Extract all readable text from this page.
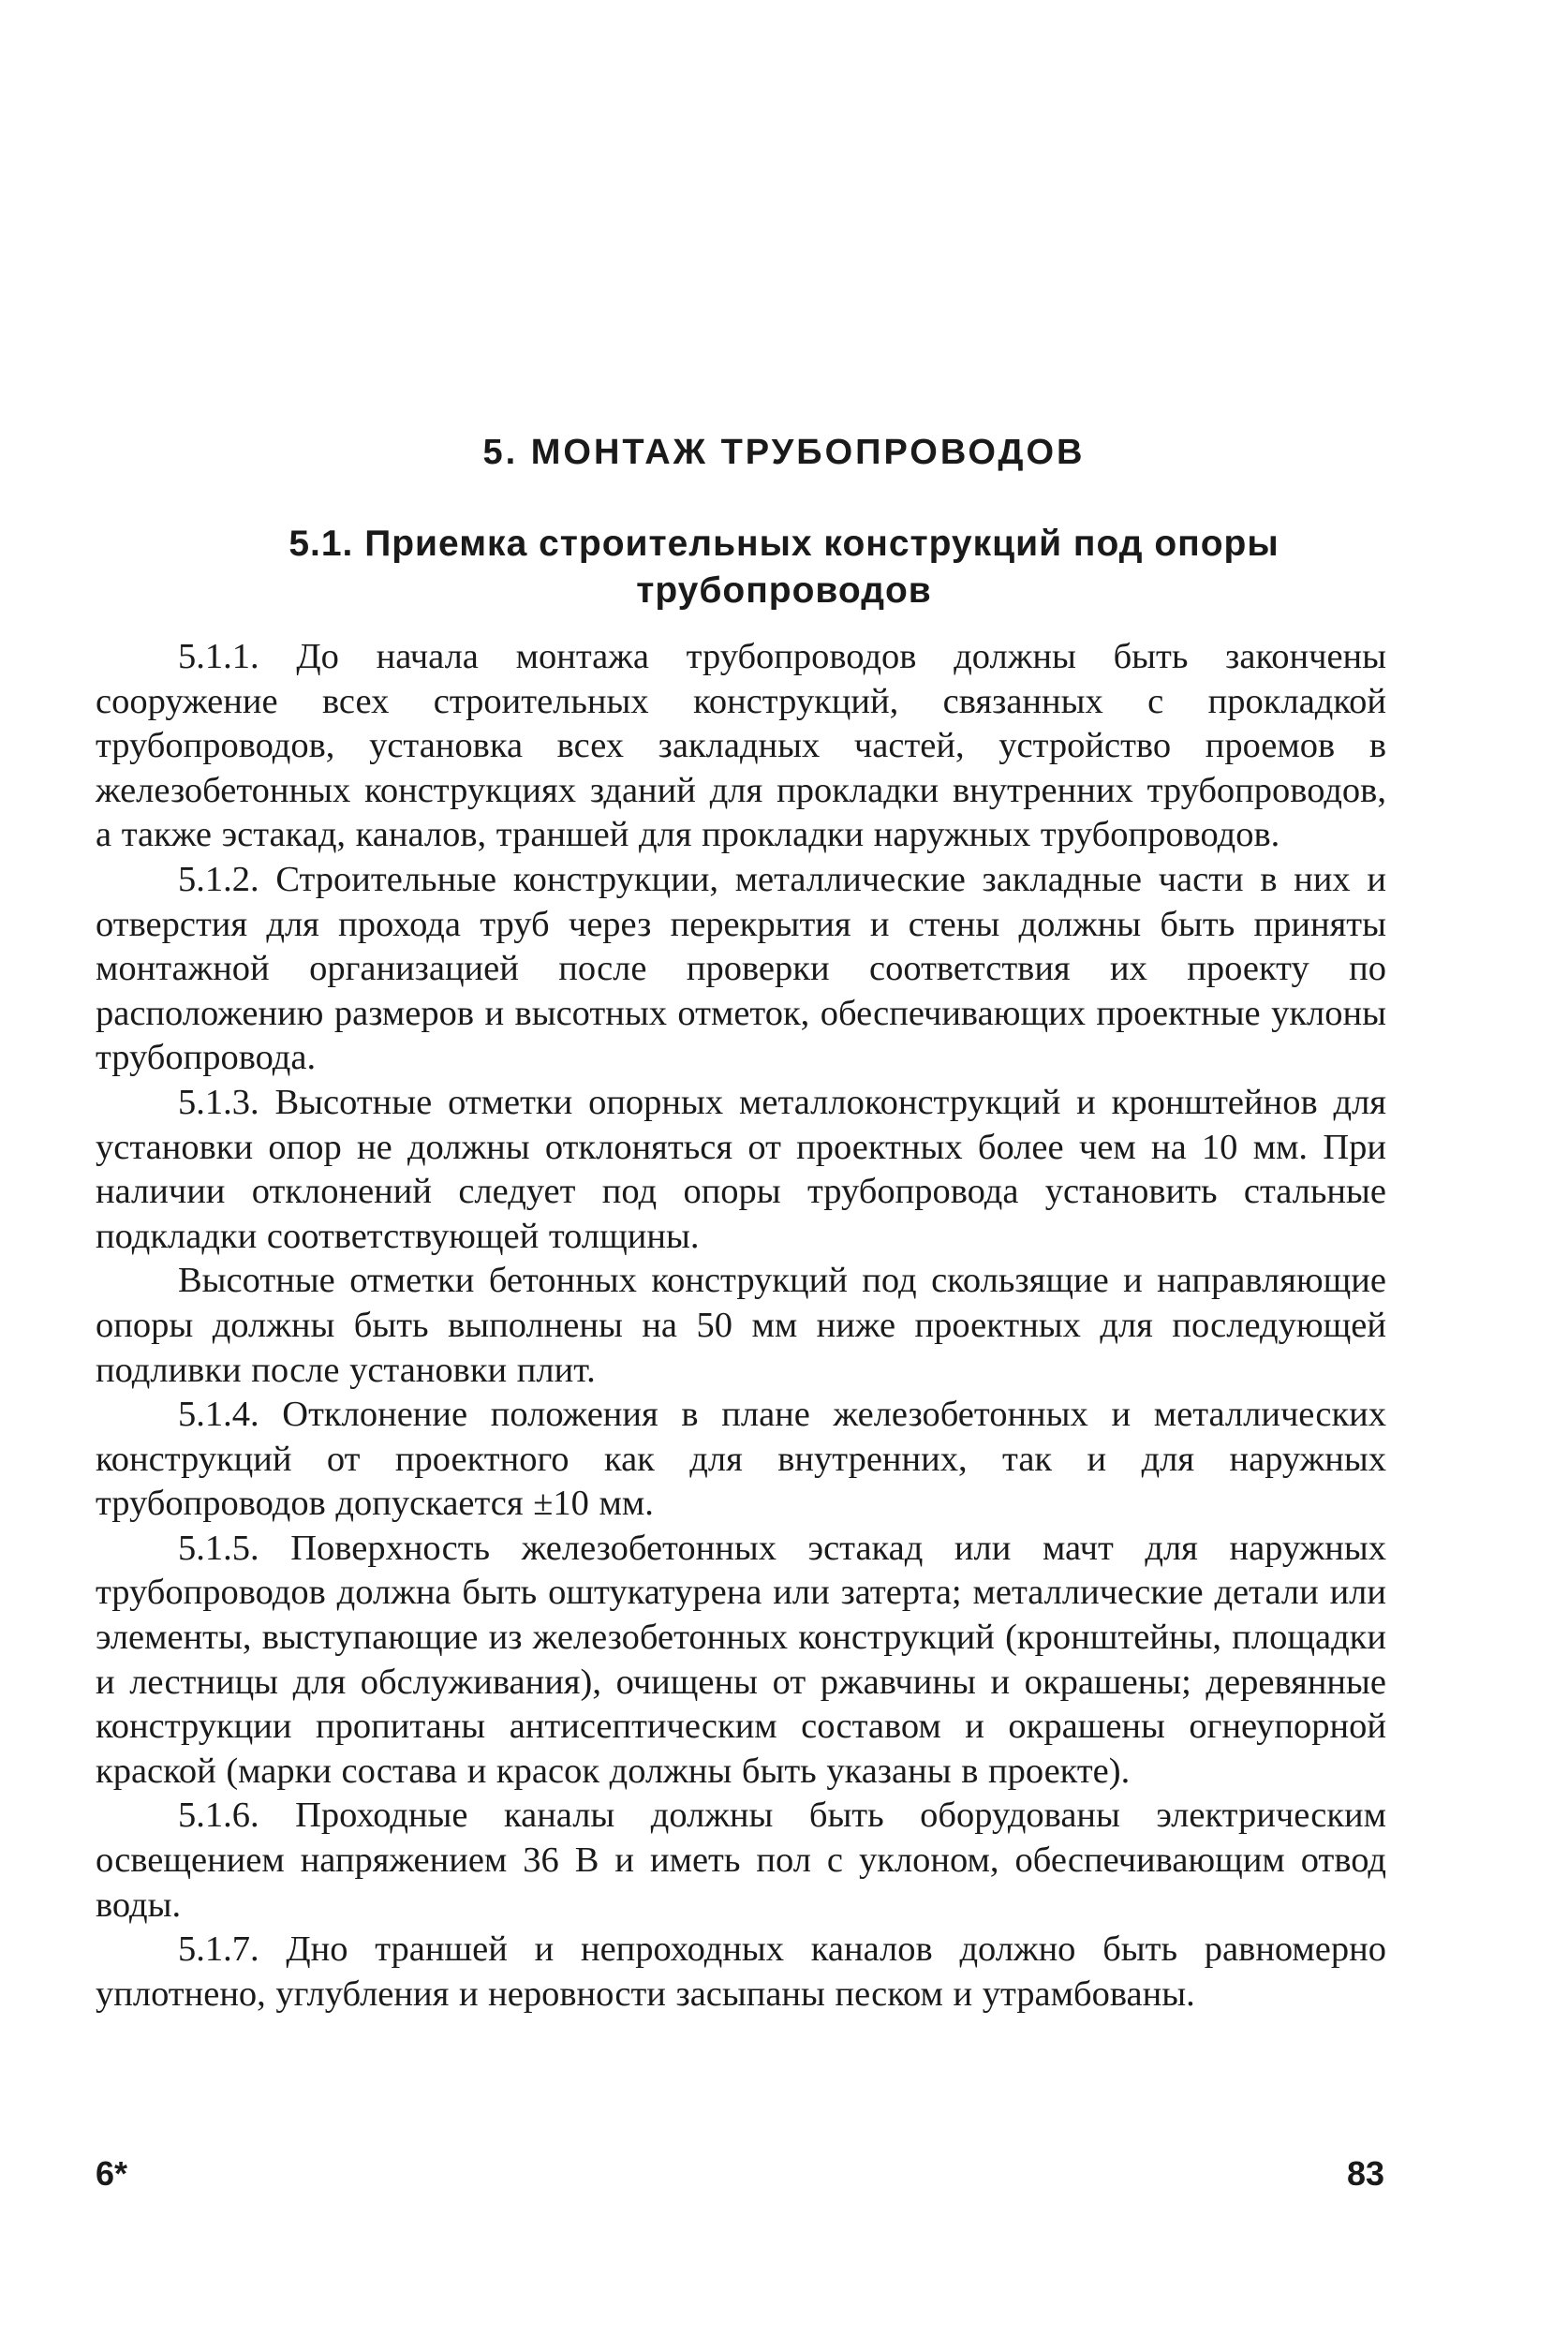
5. МОНТАЖ ТРУБОПРОВОДОВ
5.1. Приемка строительных конструкций под опоры трубопроводов

5.1.1. До начала монтажа трубопроводов должны быть закончены сооружение всех строительных конструкций, связанных с прокладкой трубопроводов, установка всех закладных частей, устройство проемов в железобетонных конструкциях зданий для прокладки внутренних трубопроводов, а также эстакад, каналов, траншей для прокладки наружных трубопроводов.

5.1.2. Строительные конструкции, металлические закладные части в них и отверстия для прохода труб через перекрытия и стены должны быть приняты монтажной организацией после проверки соответствия их проекту по расположению размеров и высотных отметок, обеспечивающих проектные уклоны трубопровода.

5.1.3. Высотные отметки опорных металлоконструкций и кронштейнов для установки опор не должны отклоняться от проектных более чем на 10 мм. При наличии отклонений следует под опоры трубопровода установить стальные подкладки соответствующей толщины.

Высотные отметки бетонных конструкций под скользящие и направляющие опоры должны быть выполнены на 50 мм ниже проектных для последующей подливки после установки плит.

5.1.4. Отклонение положения в плане железобетонных и металлических конструкций от проектного как для внутренних, так и для наружных трубопроводов допускается ±10 мм.

5.1.5. Поверхность железобетонных эстакад или мачт для наружных трубопроводов должна быть оштукатурена или затерта; металлические детали или элементы, выступающие из железобетонных конструкций (кронштейны, площадки и лестницы для обслуживания), очищены от ржавчины и окрашены; деревянные конструкции пропитаны антисептическим составом и окрашены огнеупорной краской (марки состава и красок должны быть указаны в проекте).

5.1.6. Проходные каналы должны быть оборудованы электрическим освещением напряжением 36 В и иметь пол с уклоном, обеспечивающим отвод воды.

5.1.7. Дно траншей и непроходных каналов должно быть равномерно уплотнено, углубления и неровности засыпаны песком и утрамбованы.

6*	83
